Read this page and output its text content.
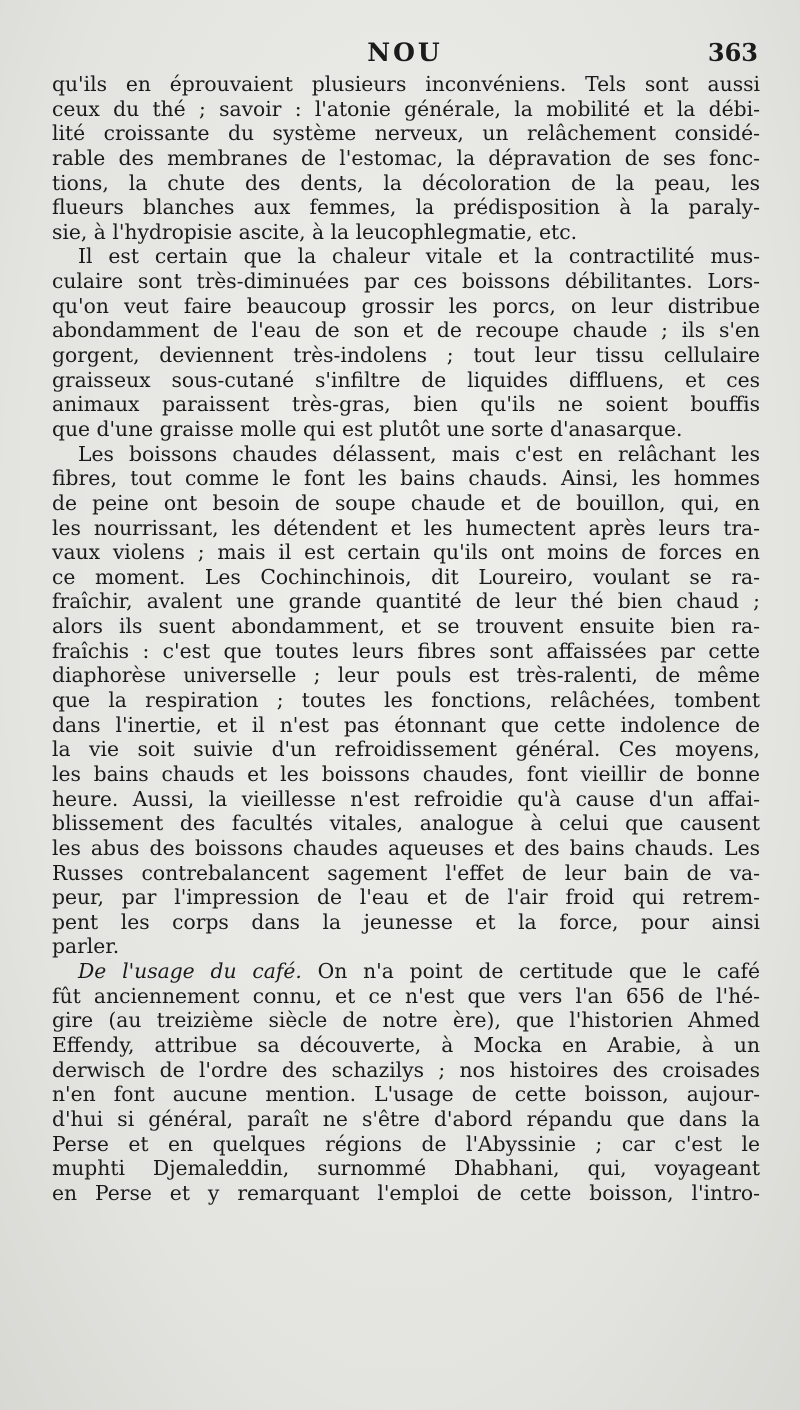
NOU	363
qu'ils en éprouvaient plusieurs inconvéniens. Tels sont aussi
ceux du thé ; savoir : l'atonie générale, la mobilité et la débi-
lité croissante du système nerveux, un relâchement considé-
rable des membranes de l'estomac, la dépravation de ses fonc-
tions, la chute des dents, la décoloration de la peau, les
flueurs blanches aux femmes, la prédisposition à la paraly-
sie, à l'hydropisie ascite, à la leucophlegmatie, etc.
Il est certain que la chaleur vitale et la contractilité mus-
culaire sont très-diminuées par ces boissons débilitantes. Lors-
qu'on veut faire beaucoup grossir les porcs, on leur distribue
abondamment de l'eau de son et de recoupe chaude ; ils s'en
gorgent, deviennent très-indolens ; tout leur tissu cellulaire
graisseux sous-cutané s'infiltre de liquides diffluens, et ces
animaux paraissent très-gras, bien qu'ils ne soient bouffis
que d'une graisse molle qui est plutôt une sorte d'anasarque.
Les boissons chaudes délassent, mais c'est en relâchant les
fibres, tout comme le font les bains chauds. Ainsi, les hommes
de peine ont besoin de soupe chaude et de bouillon, qui, en
les nourrissant, les détendent et les humectent après leurs tra-
vaux violens ; mais il est certain qu'ils ont moins de forces en
ce moment. Les Cochinchinois, dit Loureiro, voulant se ra-
fraîchir, avalent une grande quantité de leur thé bien chaud ;
alors ils suent abondamment, et se trouvent ensuite bien ra-
fraîchis : c'est que toutes leurs fibres sont affaissées par cette
diaphorèse universelle ; leur pouls est très-ralenti, de même
que la respiration ; toutes les fonctions, relâchées, tombent
dans l'inertie, et il n'est pas étonnant que cette indolence de
la vie soit suivie d'un refroidissement général. Ces moyens,
les bains chauds et les boissons chaudes, font vieillir de bonne
heure. Aussi, la vieillesse n'est refroidie qu'à cause d'un affai-
blissement des facultés vitales, analogue à celui que causent
les abus des boissons chaudes aqueuses et des bains chauds. Les
Russes contrebalancent sagement l'effet de leur bain de va-
peur, par l'impression de l'eau et de l'air froid qui retrem-
pent les corps dans la jeunesse et la force, pour ainsi
parler.
De l'usage du café. On n'a point de certitude que le café
fût anciennement connu, et ce n'est que vers l'an 656 de l'hé-
gire (au treizième siècle de notre ère), que l'historien Ahmed
Effendy, attribue sa découverte, à Mocka en Arabie, à un
derwisch de l'ordre des schazilys ; nos histoires des croisades
n'en font aucune mention. L'usage de cette boisson, aujour-
d'hui si général, paraît ne s'être d'abord répandu que dans la
Perse et en quelques régions de l'Abyssinie ; car c'est le
muphti Djemaleddin, surnommé Dhabhani, qui, voyageant
en Perse et y remarquant l'emploi de cette boisson, l'intro-
